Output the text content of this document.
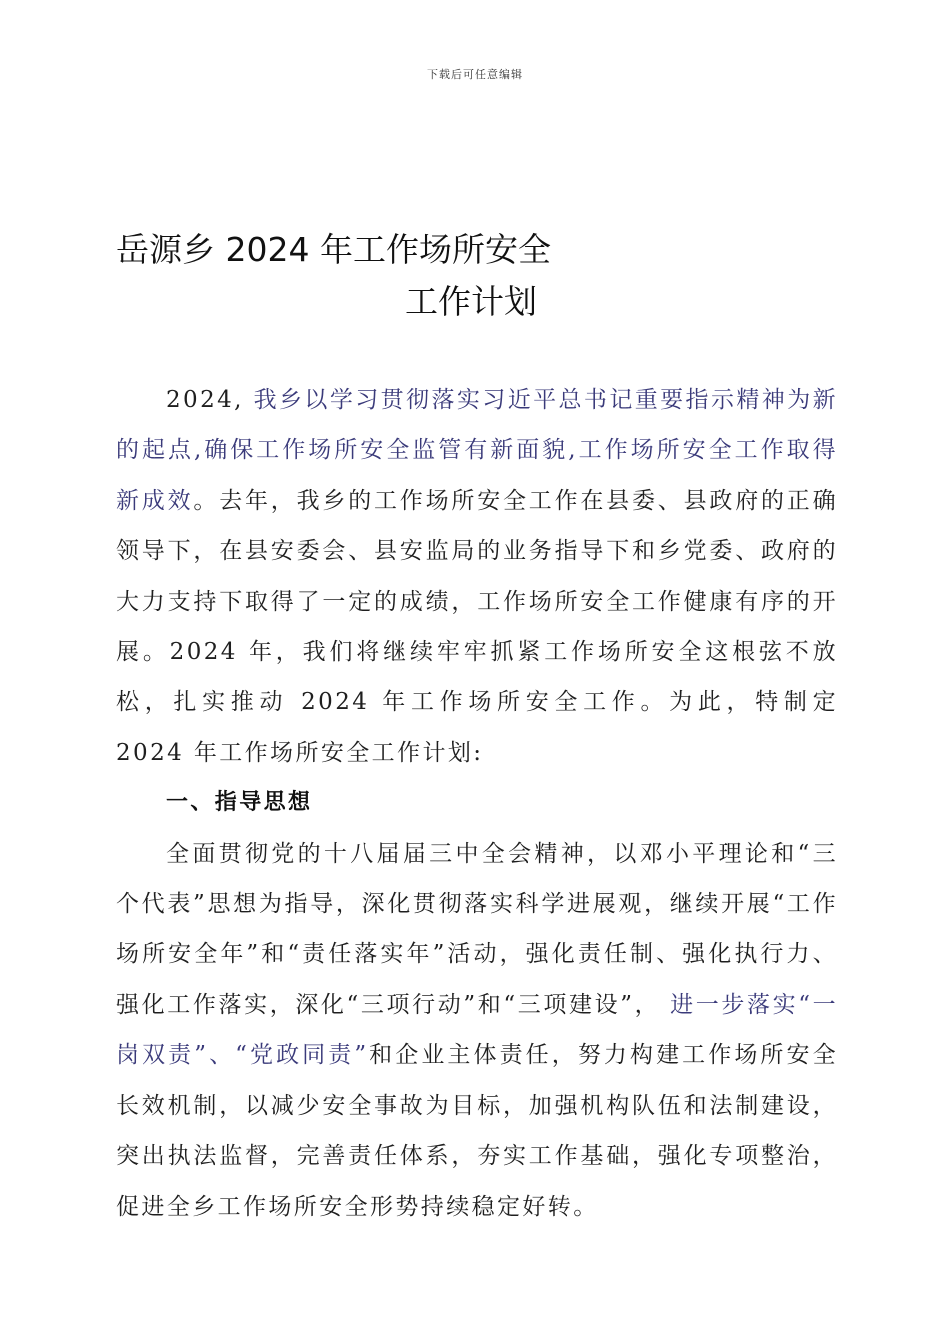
下载后可任意编辑
岳源乡 2024 年工作场所安全
工作计划

2024, 我乡以学习贯彻落实习近平总书记重要指示精神为新的起点,确保工作场所安全监管有新面貌,工作场所安全工作取得新成效。去年，我乡的工作场所安全工作在县委、县政府的正确领导下，在县安委会、县安监局的业务指导下和乡党委、政府的大力支持下取得了一定的成绩，工作场所安全工作健康有序的开展。2024 年，我们将继续牢牢抓紧工作场所安全这根弦不放松，扎实推动 2024 年工作场所安全工作。为此，特制定 2024 年工作场所安全工作计划:

一、指导思想

全面贯彻党的十八届届三中全会精神，以邓小平理论和“三个代表”思想为指导，深化贯彻落实科学进展观，继续开展“工作场所安全年”和“责任落实年”活动，强化责任制、强化执行力、强化工作落实，深化“三项行动”和“三项建设”， 进一步落实“一岗双责”、“党政同责”和企业主体责任，努力构建工作场所安全长效机制，以减少安全事故为目标，加强机构队伍和法制建设，突出执法监督，完善责任体系，夯实工作基础，强化专项整治，促进全乡工作场所安全形势持续稳定好转。
